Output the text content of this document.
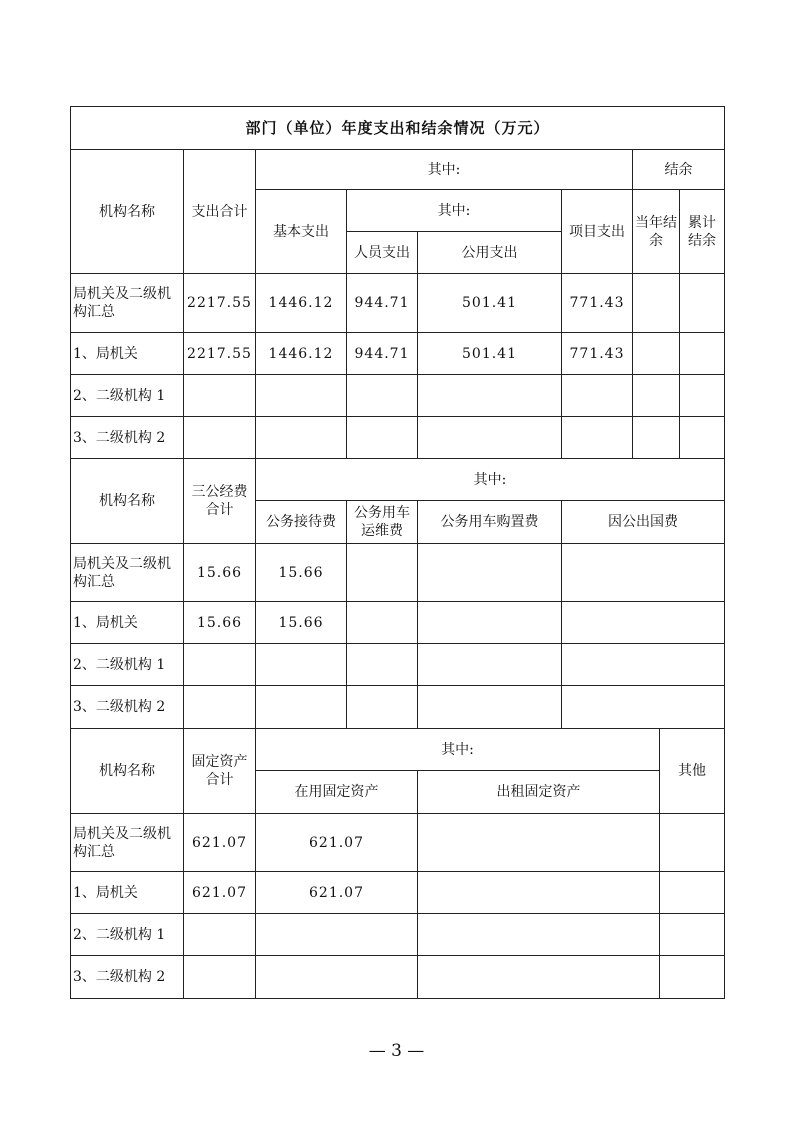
部门（单位）年度支出和结余情况（万元）								
机构名称	支出合计	其中:				结余		
		基本支出	其中:		项目支出	当年结余		累计结余
			人员支出	公用支出				
局机关及二级机构汇总	2217.55	1446.12	944.71	501.41	771.43			
1、局机关	2217.55	1446.12	944.71	501.41	771.43			
2、二级机构 1								
3、二级机构 2								
机构名称	三公经费合计	其中:						
		公务接待费	公务用车运维费	公务用车购置费	因公出国费			
局机关及二级机构汇总	15.66	15.66						
1、局机关	15.66	15.66						
2、二级机构 1								
3、二级机构 2								
机构名称	固定资产合计	其中:					其他	
		在用固定资产		出租固定资产				
局机关及二级机构汇总	621.07	621.07						
1、局机关	621.07	621.07						
2、二级机构 1								
3、二级机构 2								
— 3 —
